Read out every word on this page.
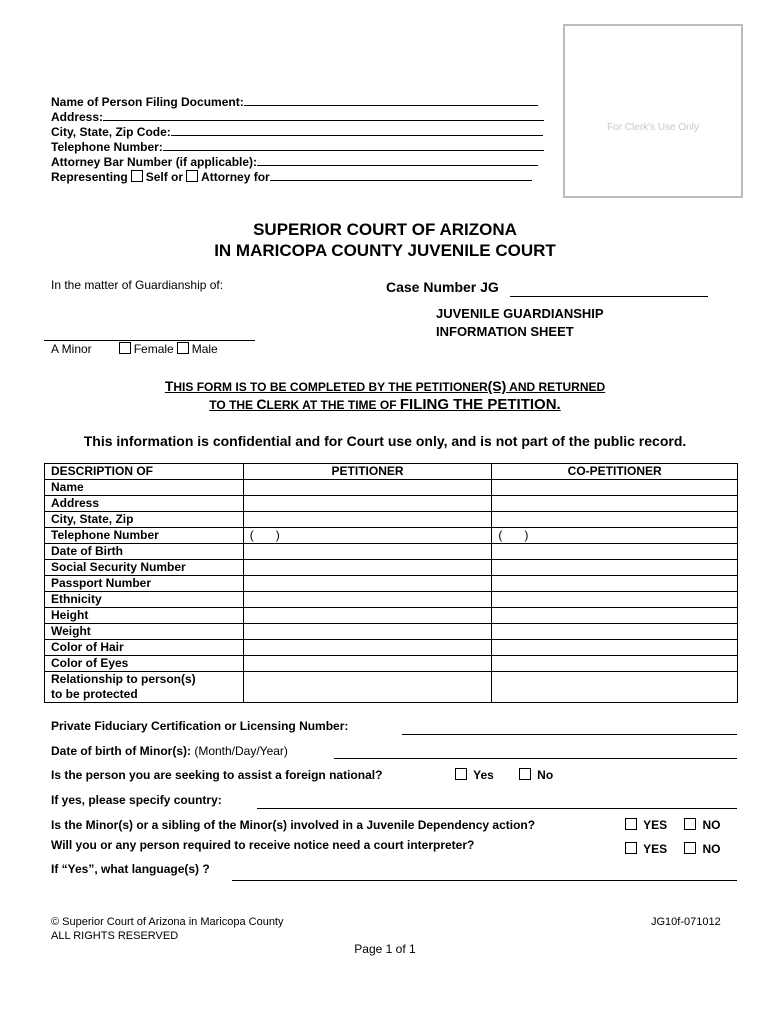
Name of Person Filing Document:
Address:
City, State, Zip Code:
Telephone Number:
Attorney Bar Number (if applicable):
Representing Self or Attorney for
For Clerk's Use Only
SUPERIOR COURT OF ARIZONA
IN MARICOPA COUNTY JUVENILE COURT
In the matter of Guardianship of:
A Minor	Female Male
Case Number JG
JUVENILE GUARDIANSHIP
INFORMATION SHEET
THIS FORM IS TO BE COMPLETED BY THE PETITIONER(S) AND RETURNED
TO THE CLERK AT THE TIME OF FILING THE PETITION.
This information is confidential and for Court use only, and is not part of the public record.
DESCRIPTION OF	PETITIONER	CO-PETITIONER
Name		
Address		
City, State, Zip		
Telephone Number	( )	( )
Date of Birth		
Social Security Number		
Passport Number		
Ethnicity		
Height		
Weight		
Color of Hair		
Color of Eyes		
Relationship to person(s)		
to be protected		
Private Fiduciary Certification or Licensing Number:
Date of birth of Minor(s): (Month/Day/Year)
Is the person you are seeking to assist a foreign national?	Yes	No
If yes, please specify country:
Is the Minor(s) or a sibling of the Minor(s) involved in a Juvenile Dependency action?	YES	NO
Will you or any person required to receive notice need a court interpreter?	YES	NO
If “Yes”, what language(s) ?
© Superior Court of Arizona in Maricopa County
ALL RIGHTS RESERVED
Page 1 of 1
JG10f-071012
